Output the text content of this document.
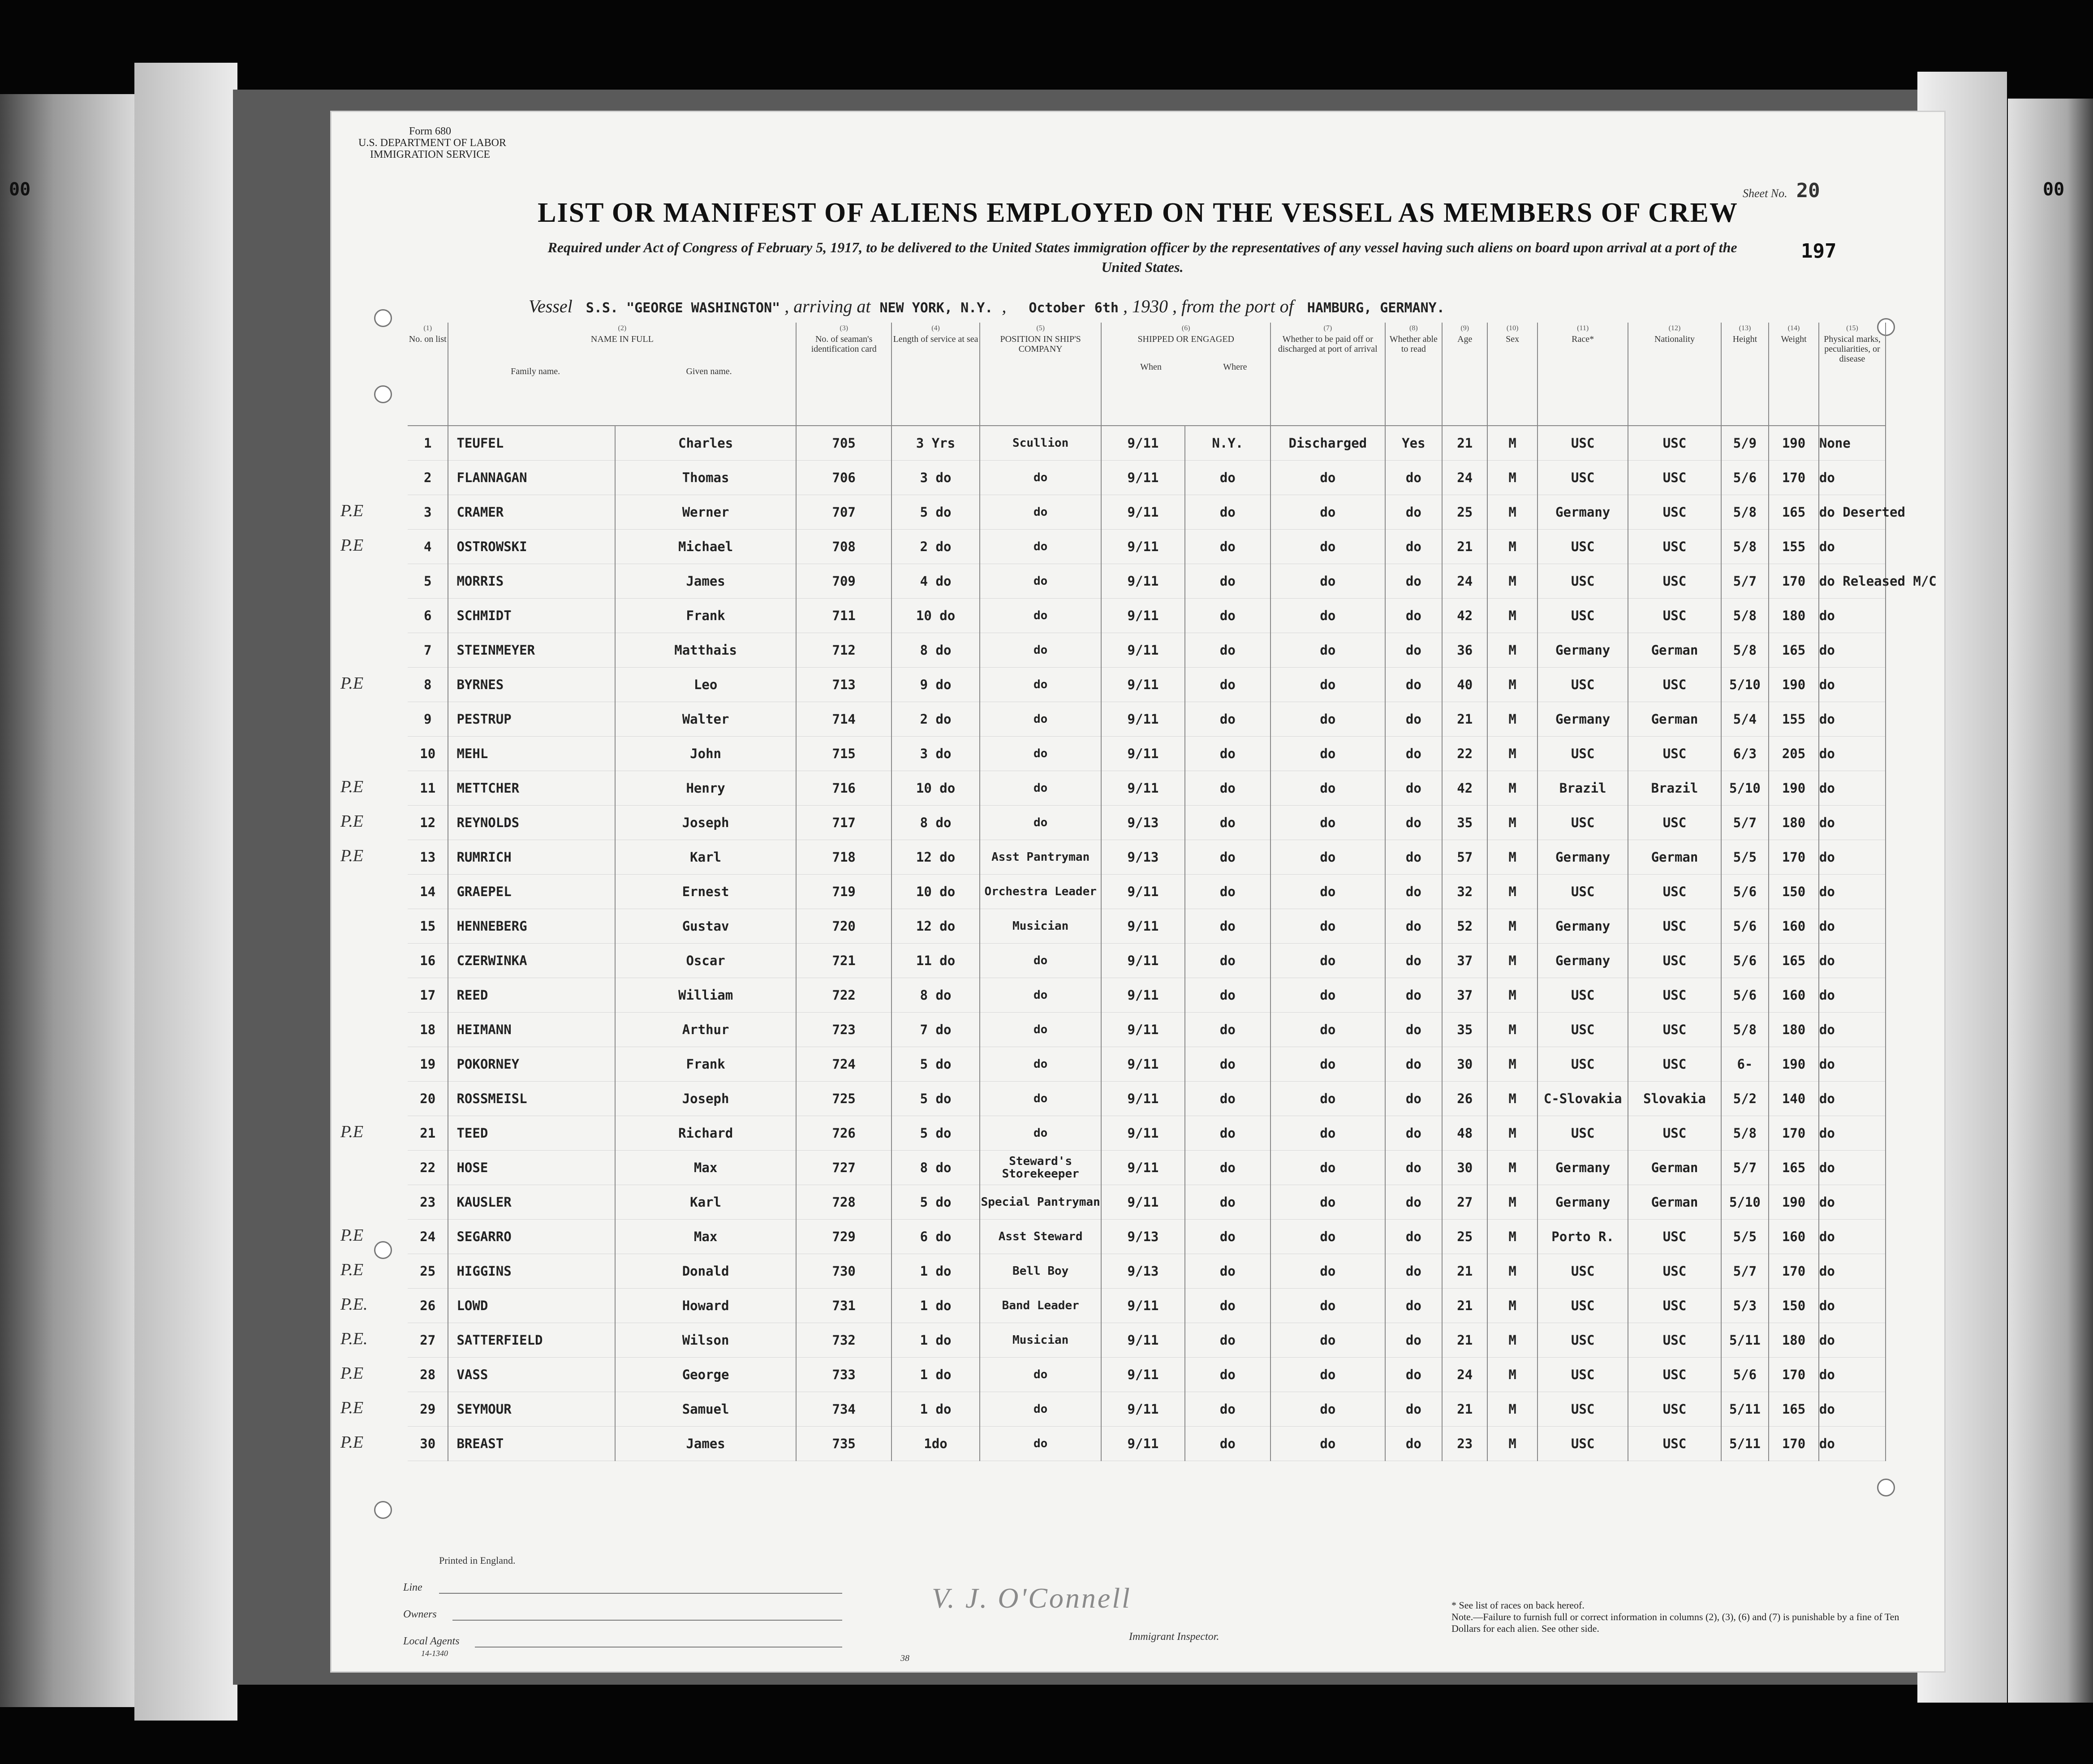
00	00
Form 680
U.S. DEPARTMENT OF LABOR
IMMIGRATION SERVICE
Sheet No. 20
197
LIST OR MANIFEST OF ALIENS EMPLOYED ON THE VESSEL AS MEMBERS OF CREW
Required under Act of Congress of February 5, 1917, to be delivered to the United States immigration officer by the representatives of any vessel having such aliens on board upon arrival at a port of the United States.
Vessel S.S. "GEORGE WASHINGTON" , arriving at NEW YORK, N.Y.  ,     October 6th , 1930 , from the port of HAMBURG, GERMANY.
(1)
No. on list	(2)
NAME IN FULL
Family name. Given name.		(3)
No. of seaman's identification card	(4)
Length of service at sea	(5)
POSITION IN SHIP'S COMPANY	(6)
SHIPPED OR ENGAGED
When Where		(7)
Whether to be paid off or discharged at port of arrival	(8)
Whether able to read	(9)
Age	(10)
Sex	(11)
Race*	(12)
Nationality	(13)
Height	(14)
Weight	(15)
Physical marks, peculiarities, or disease

1	TEUFEL	Charles	705	3 Yrs	Scullion	9/11	N.Y.	Discharged	Yes	21	M	USC	USC	5/9	190	None
2	FLANNAGAN	Thomas	706	3 do	do	9/11	do	do	do	24	M	USC	USC	5/6	170	do
3	CRAMER	Werner	707	5 do	do	9/11	do	do	do	25	M	Germany	USC	5/8	165	do Deserted
4	OSTROWSKI	Michael	708	2 do	do	9/11	do	do	do	21	M	USC	USC	5/8	155	do
5	MORRIS	James	709	4 do	do	9/11	do	do	do	24	M	USC	USC	5/7	170	do Released M/C
6	SCHMIDT	Frank	711	10 do	do	9/11	do	do	do	42	M	USC	USC	5/8	180	do
7	STEINMEYER	Matthais	712	8 do	do	9/11	do	do	do	36	M	Germany	German	5/8	165	do
8	BYRNES	Leo	713	9 do	do	9/11	do	do	do	40	M	USC	USC	5/10	190	do
9	PESTRUP	Walter	714	2 do	do	9/11	do	do	do	21	M	Germany	German	5/4	155	do
10	MEHL	John	715	3 do	do	9/11	do	do	do	22	M	USC	USC	6/3	205	do
11	METTCHER	Henry	716	10 do	do	9/11	do	do	do	42	M	Brazil	Brazil	5/10	190	do
12	REYNOLDS	Joseph	717	8 do	do	9/13	do	do	do	35	M	USC	USC	5/7	180	do
13	RUMRICH	Karl	718	12 do	Asst Pantryman	9/13	do	do	do	57	M	Germany	German	5/5	170	do
14	GRAEPEL	Ernest	719	10 do	Orchestra Leader	9/11	do	do	do	32	M	USC	USC	5/6	150	do
15	HENNEBERG	Gustav	720	12 do	Musician	9/11	do	do	do	52	M	Germany	USC	5/6	160	do
16	CZERWINKA	Oscar	721	11 do	do	9/11	do	do	do	37	M	Germany	USC	5/6	165	do
17	REED	William	722	8 do	do	9/11	do	do	do	37	M	USC	USC	5/6	160	do
18	HEIMANN	Arthur	723	7 do	do	9/11	do	do	do	35	M	USC	USC	5/8	180	do
19	POKORNEY	Frank	724	5 do	do	9/11	do	do	do	30	M	USC	USC	6-	190	do
20	ROSSMEISL	Joseph	725	5 do	do	9/11	do	do	do	26	M	C-Slovakia	Slovakia	5/2	140	do
21	TEED	Richard	726	5 do	do	9/11	do	do	do	48	M	USC	USC	5/8	170	do
22	HOSE	Max	727	8 do	Steward's Storekeeper	9/11	do	do	do	30	M	Germany	German	5/7	165	do
23	KAUSLER	Karl	728	5 do	Special Pantryman	9/11	do	do	do	27	M	Germany	German	5/10	190	do
24	SEGARRO	Max	729	6 do	Asst Steward	9/13	do	do	do	25	M	Porto R.	USC	5/5	160	do
25	HIGGINS	Donald	730	1 do	Bell Boy	9/13	do	do	do	21	M	USC	USC	5/7	170	do
26	LOWD	Howard	731	1 do	Band Leader	9/11	do	do	do	21	M	USC	USC	5/3	150	do
27	SATTERFIELD	Wilson	732	1 do	Musician	9/11	do	do	do	21	M	USC	USC	5/11	180	do
28	VASS	George	733	1 do	do	9/11	do	do	do	24	M	USC	USC	5/6	170	do
29	SEYMOUR	Samuel	734	1 do	do	9/11	do	do	do	21	M	USC	USC	5/11	165	do
30	BREAST	James	735	1do	do	9/11	do	do	do	23	M	USC	USC	5/11	170	do
P.E
P.E
P.E
P.E
P.E
P.E
P.E
P.E
P.E
P.E.
P.E.
P.E
P.E
P.E
Printed in England.
Line
Owners
Local Agents
14-1340
V. J. O'Connell
Immigrant Inspector.
* See list of races on back hereof.
Note.—Failure to furnish full or correct information in columns (2), (3), (6) and (7) is punishable by a fine of Ten Dollars for each alien. See other side.
38
